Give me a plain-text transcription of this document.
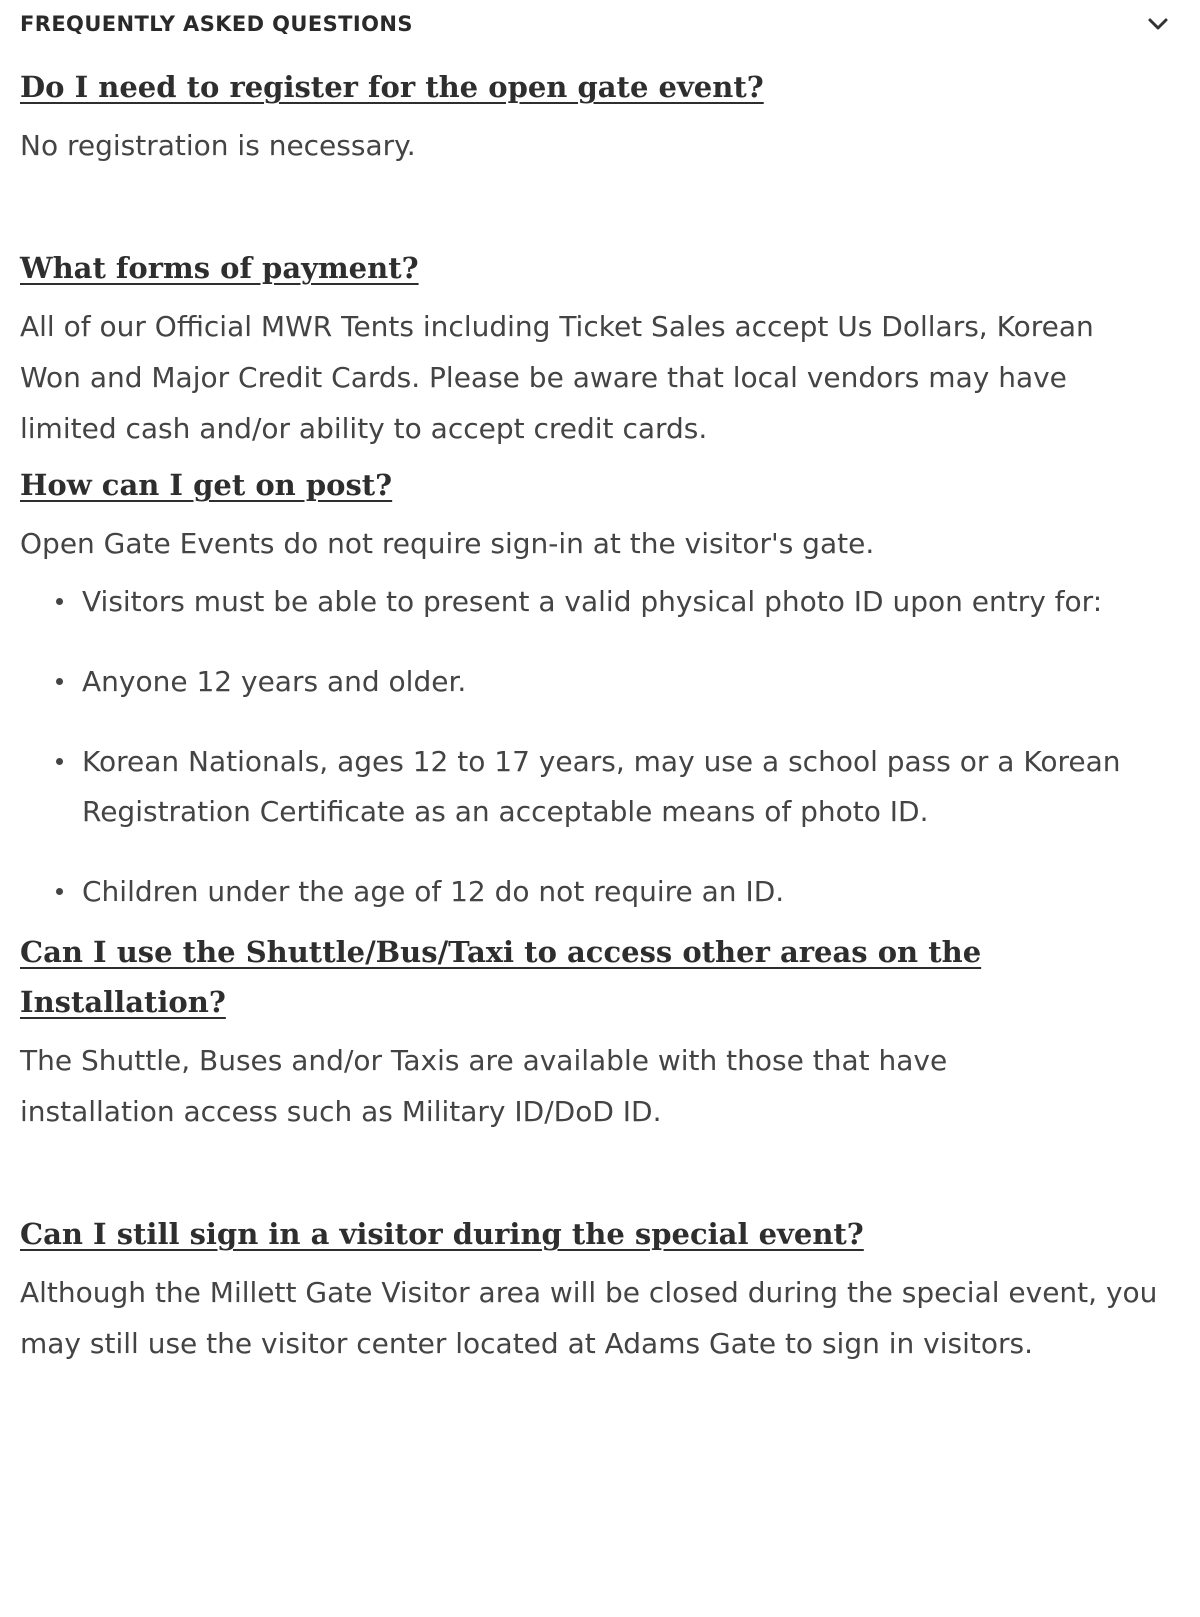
FREQUENTLY ASKED QUESTIONS

Do I need to register for the open gate event?

No registration is necessary.

What forms of payment?

All of our Official MWR Tents including Ticket Sales accept Us Dollars, Korean Won and Major Credit Cards. Please be aware that local vendors may have limited cash and/or ability to accept credit cards.

How can I get on post?

Open Gate Events do not require sign-in at the visitor's gate.

Visitors must be able to present a valid physical photo ID upon entry for:
Anyone 12 years and older.
Korean Nationals, ages 12 to 17 years, may use a school pass or a Korean Registration Certificate as an acceptable means of photo ID.
Children under the age of 12 do not require an ID.

Can I use the Shuttle/Bus/Taxi to access other areas on the Installation?

The Shuttle, Buses and/or Taxis are available with those that have installation access such as Military ID/DoD ID.

Can I still sign in a visitor during the special event?

Although the Millett Gate Visitor area will be closed during the special event, you may still use the visitor center located at Adams Gate to sign in visitors.
